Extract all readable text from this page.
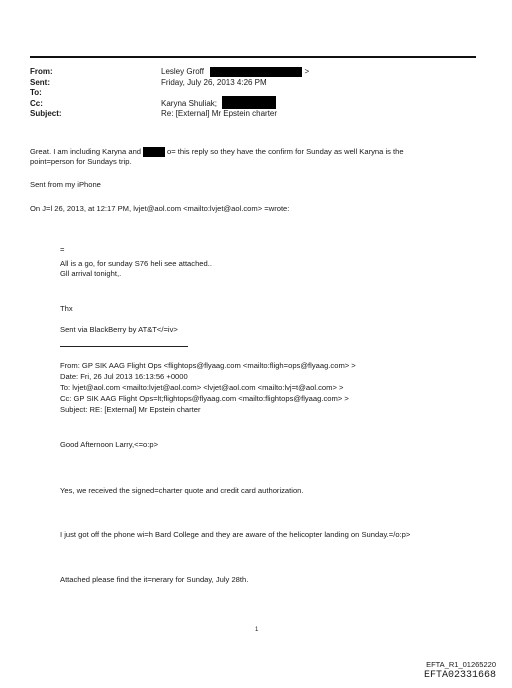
From:	Lesley Groff	>
Sent:	Friday, July 26, 2013 4:26 PM
To:
Cc:	Karyna Shuliak;
Subject:	Re: [External] Mr Epstein charter
Great. I am including Karyna and	o= this reply so they have the confirm for Sunday as well Karyna is the
point=person for Sundays trip.
Sent from my iPhone
On J=l 26, 2013, at 12:17 PM, lvjet@aol.com <mailto:lvjet@aol.com> =wrote:
=
All is a go, for sunday S76 heli see attached..
Gll arrival tonight,.
Thx
Sent via BlackBerry by AT&T</=iv>
From: GP SIK AAG Flight Ops <flightops@flyaag.com <mailto:fligh=ops@flyaag.com> >
Date: Fri, 26 Jul 2013 16:13:56 +0000
To: lvjet@aol.com <mailto:lvjet@aol.com> <lvjet@aol.com <mailto:lvj=t@aol.com> >
Cc: GP SIK AAG Flight Ops=lt;flightops@flyaag.com <mailto:flightops@flyaag.com> >
Subject: RE: [External] Mr Epstein charter
Good Afternoon Larry,<=o:p>
Yes, we received the signed=charter quote and credit card authorization.
I just got off the phone wi=h Bard College and they are aware of the helicopter landing on Sunday.=/o:p>
Attached please find the it=nerary for Sunday, July 28th.
1
EFTA_R1_01265220
EFTA02331668
